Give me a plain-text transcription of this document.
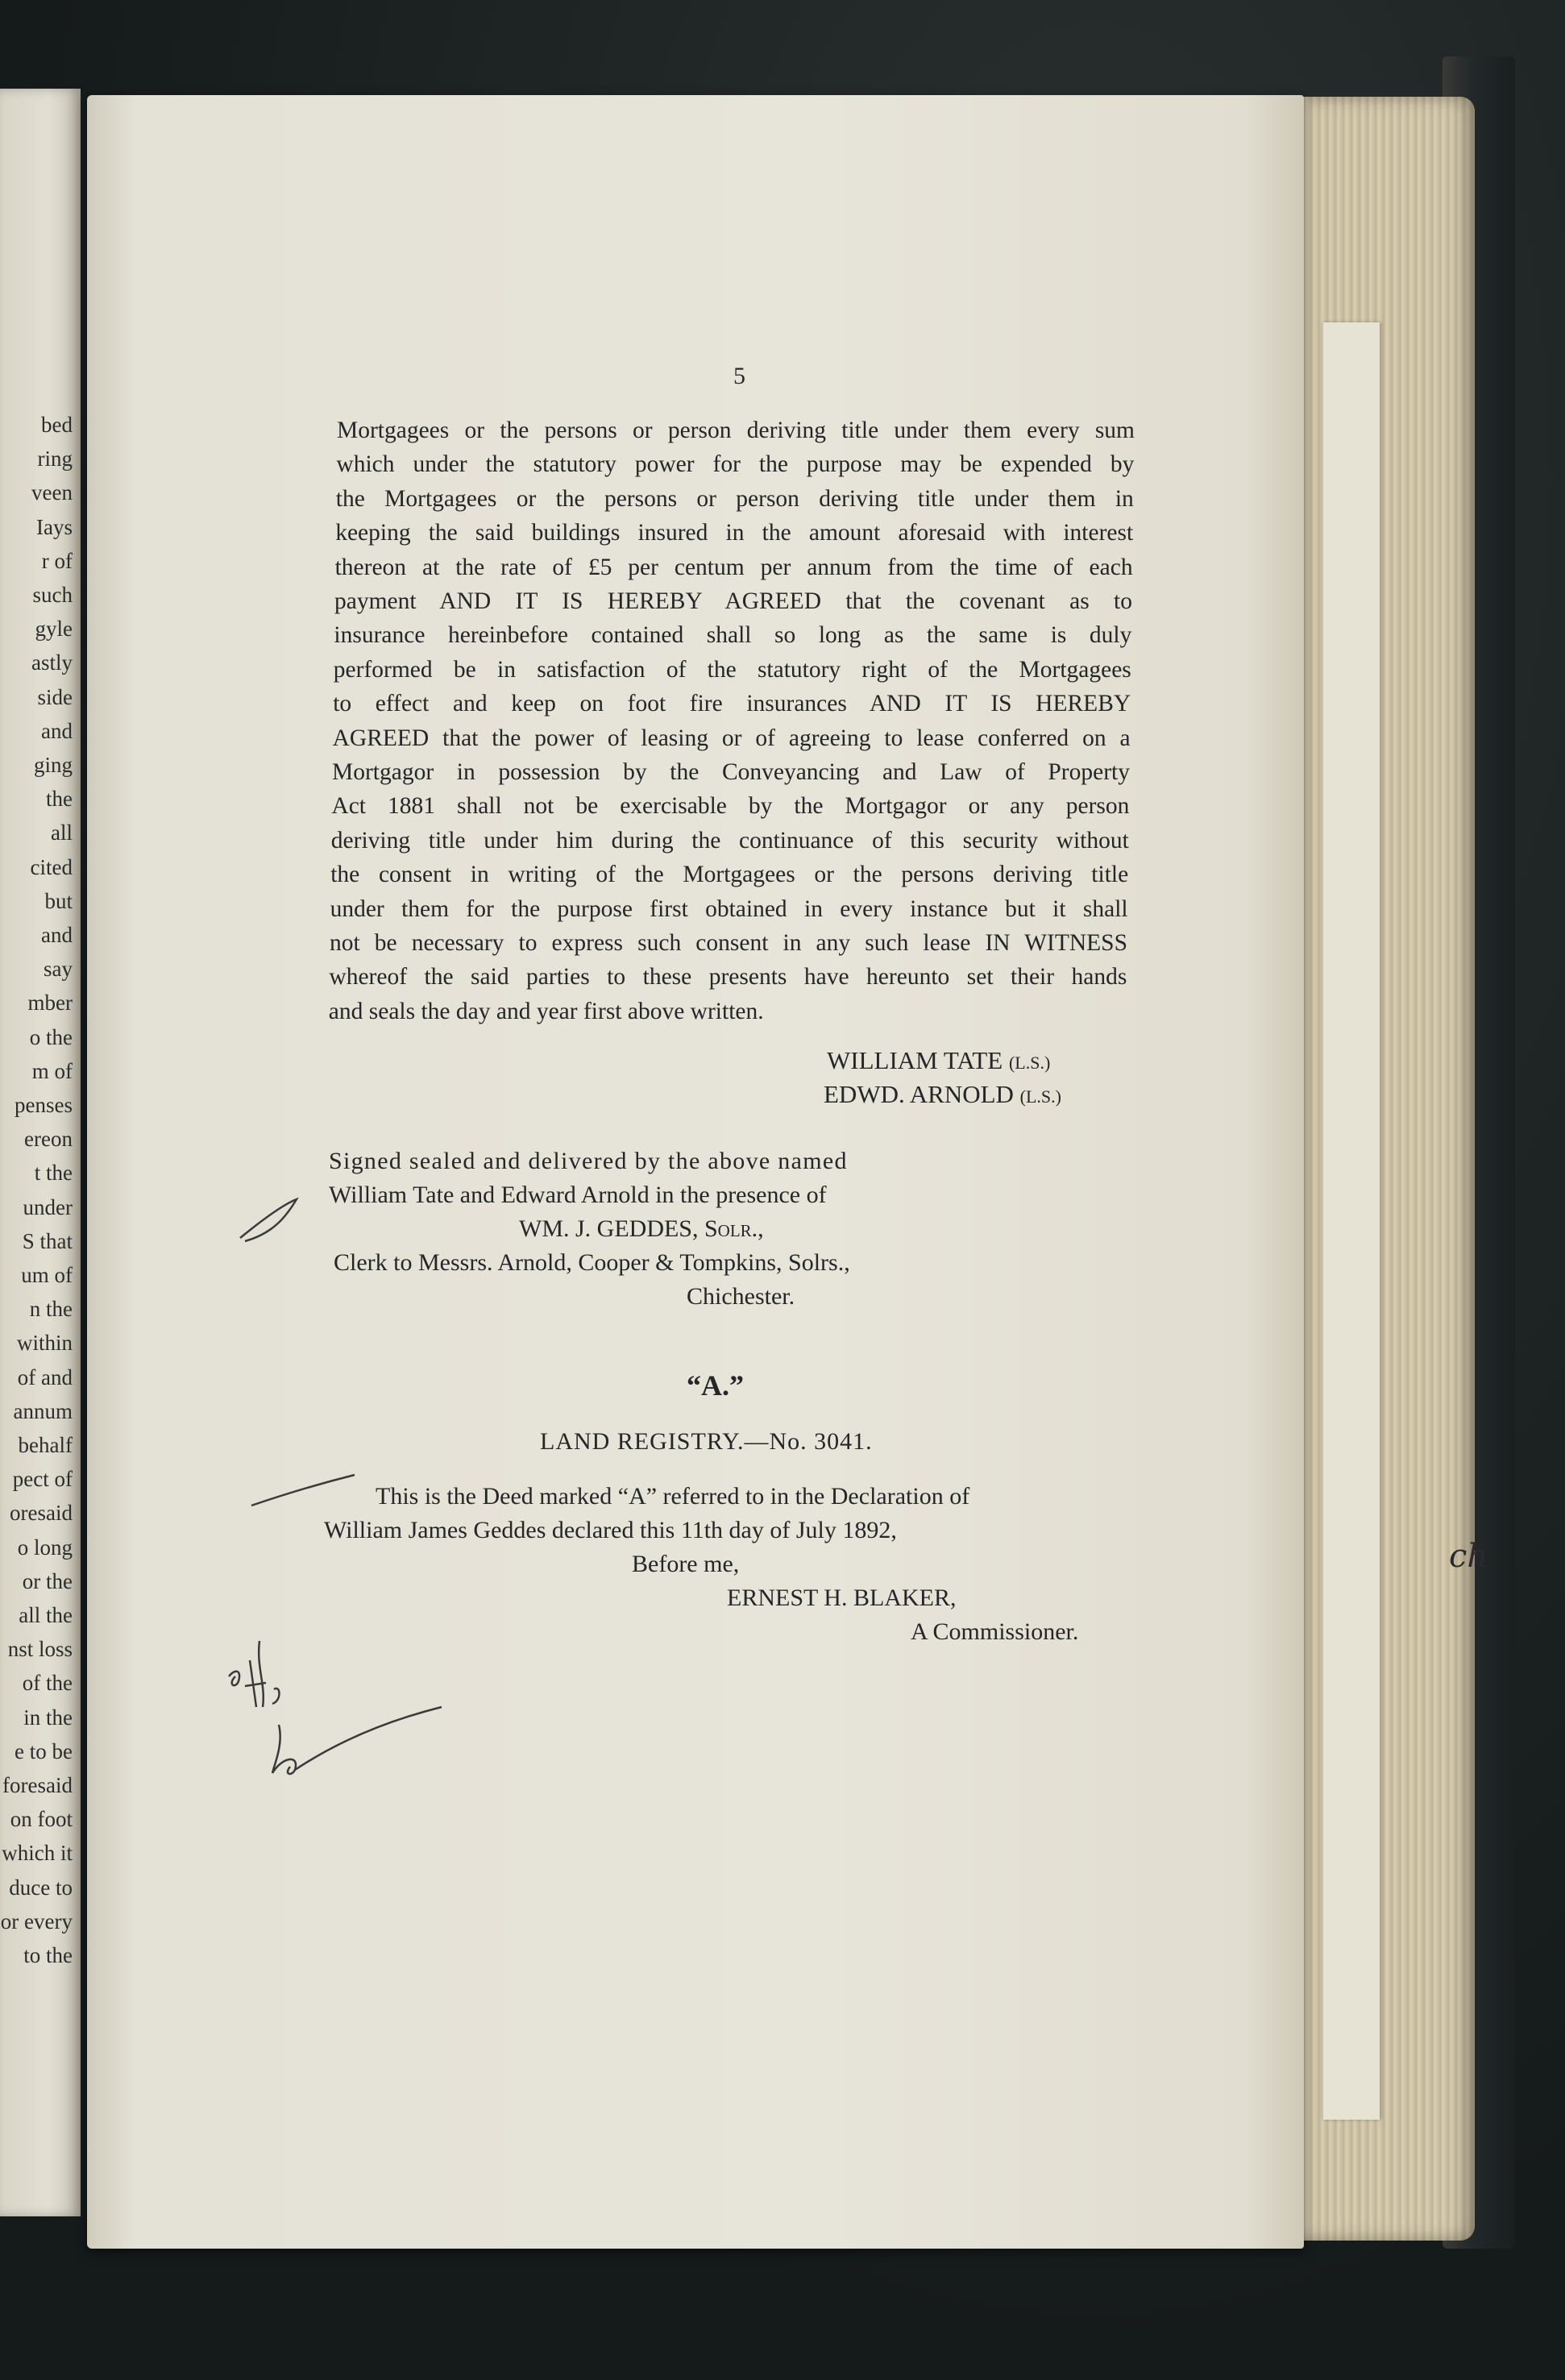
ch
bed
ring
veen
Iays
r of
such
gyle
astly
side
and
ging
the
all
cited
but
and
say
mber
o the
m of
penses
ereon
t the
under
S that
um of
n the
within
of and
annum
behalf
pect of
oresaid
o long
or the
all the
nst loss
of the
in the
e to be
foresaid
on foot
which it
duce to
or every
to the
5
Mortgagees or the persons or person deriving title under them every sum
which under the statutory power for the purpose may be expended by
the Mortgagees or the persons or person deriving title under them in
keeping the said buildings insured in the amount aforesaid with interest
thereon at the rate of £5 per centum per annum from the time of each
payment AND IT IS HEREBY AGREED that the covenant as to
insurance hereinbefore contained shall so long as the same is duly
performed be in satisfaction of the statutory right of the Mortgagees
to effect and keep on foot fire insurances AND IT IS HEREBY
AGREED that the power of leasing or of agreeing to lease conferred on a
Mortgagor in possession by the Conveyancing and Law of Property
Act 1881 shall not be exercisable by the Mortgagor or any person
deriving title under him during the continuance of this security without
the consent in writing of the Mortgagees or the persons deriving title
under them for the purpose first obtained in every instance but it shall
not be necessary to express such consent in any such lease IN WITNESS
whereof the said parties to these presents have hereunto set their hands
and seals the day and year first above written.
WILLIAM TATE (L.S.)
EDWD. ARNOLD (L.S.)
Signed sealed and delivered by the above named
William Tate and Edward Arnold in the presence of
WM. J. GEDDES, Solr.,
Clerk to Messrs. Arnold, Cooper & Tompkins, Solrs.,
Chichester.
“A.”
LAND REGISTRY.—No. 3041.
This is the Deed marked “A” referred to in the Declaration of
William James Geddes declared this 11th day of July 1892,
Before me,
ERNEST H. BLAKER,
A Commissioner.
